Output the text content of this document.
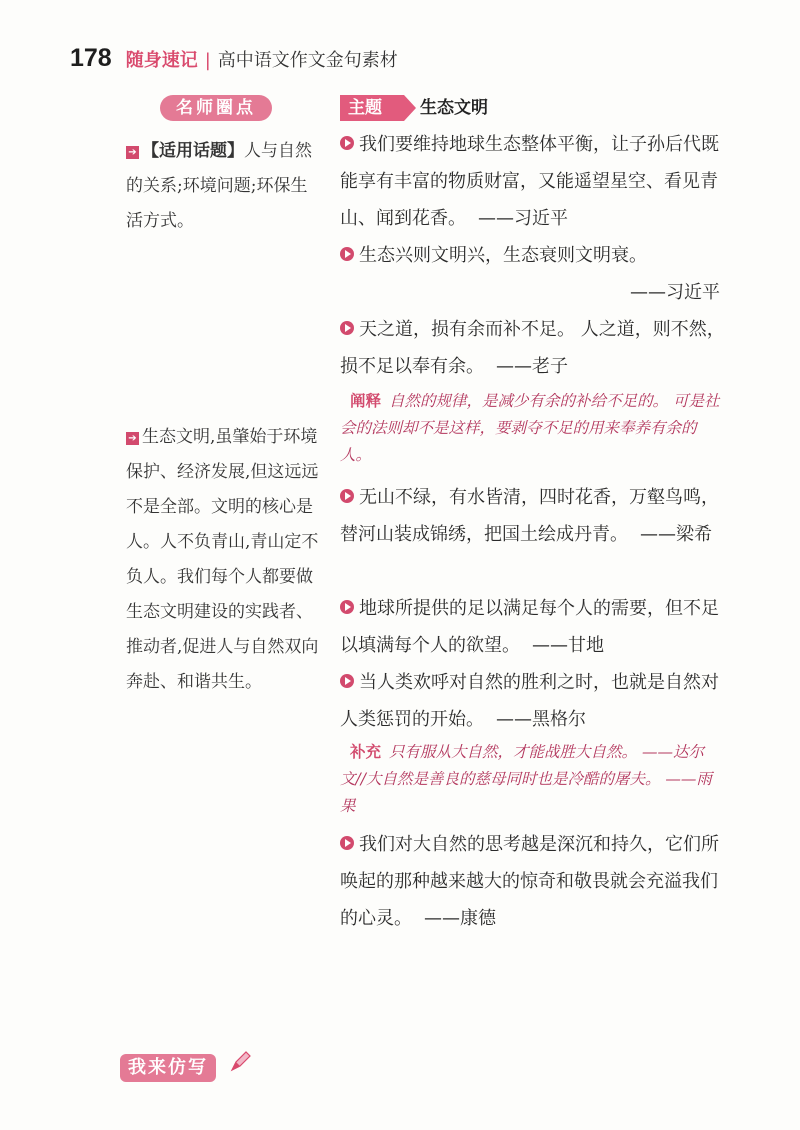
178 随身速记 | 高中语文作文金句素材
名师圈点	主题	生态文明
➔ 【适用话题】人与自然的关系;环境问题;环保生活方式。
➔ 生态文明,虽肇始于环境保护、经济发展,但这远远不是全部。文明的核心是人。人不负青山,青山定不负人。我们每个人都要做生态文明建设的实践者、推动者,促进人与自然双向奔赴、和谐共生。
我们要维持地球生态整体平衡，让子孙后代既能享有丰富的物质财富，又能遥望星空、看见青山、闻到花香。 ——习近平
生态兴则文明兴，生态衰则文明衰。
——习近平
天之道，损有余而补不足。 人之道，则不然，损不足以奉有余。 ——老子
阐释 自然的规律，是减少有余的补给不足的。 可是社会的法则却不是这样，要剥夺不足的用来奉养有余的人。
无山不绿，有水皆清，四时花香，万壑鸟鸣，替河山装成锦绣，把国土绘成丹青。 ——梁希
地球所提供的足以满足每个人的需要，但不足以填满每个人的欲望。 ——甘地
当人类欢呼对自然的胜利之时，也就是自然对人类惩罚的开始。 ——黑格尔
补充 只有服从大自然，才能战胜大自然。 ——达尔文//大自然是善良的慈母同时也是冷酷的屠夫。 ——雨果
我们对大自然的思考越是深沉和持久，它们所唤起的那种越来越大的惊奇和敬畏就会充溢我们的心灵。 ——康德
我来仿写
